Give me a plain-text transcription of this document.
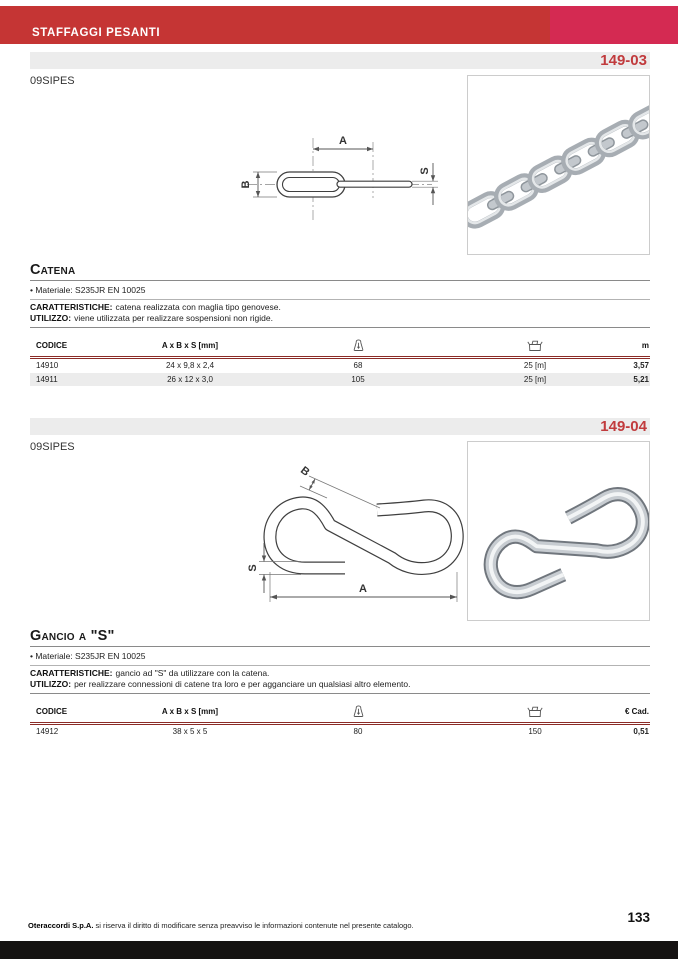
STAFFAGGI PESANTI
149-03
09SIPES
A
B
S
Catena
• Materiale: S235JR EN 10025
CARATTERISTICHE: catena realizzata con maglia tipo genovese.
UTILIZZO: viene utilizzata per realizzare sospensioni non rigide.
CODICE	A x B x S [mm]	m
14910	24 x 9,8 x 2,4	68	25 [m]	3,57
14911	26 x 12 x 3,0	105	25 [m]	5,21
149-04
09SIPES
A
S
B
Gancio a "S"
• Materiale: S235JR EN 10025
CARATTERISTICHE: gancio ad "S" da utilizzare con la catena.
UTILIZZO: per realizzare connessioni di catene tra loro e per agganciare un qualsiasi altro elemento.
CODICE	A x B x S [mm]	€ Cad.
14912	38 x 5 x 5	80	150	0,51
Oteraccordi S.p.A. si riserva il diritto di modificare senza preavviso le informazioni contenute nel presente catalogo.
133
